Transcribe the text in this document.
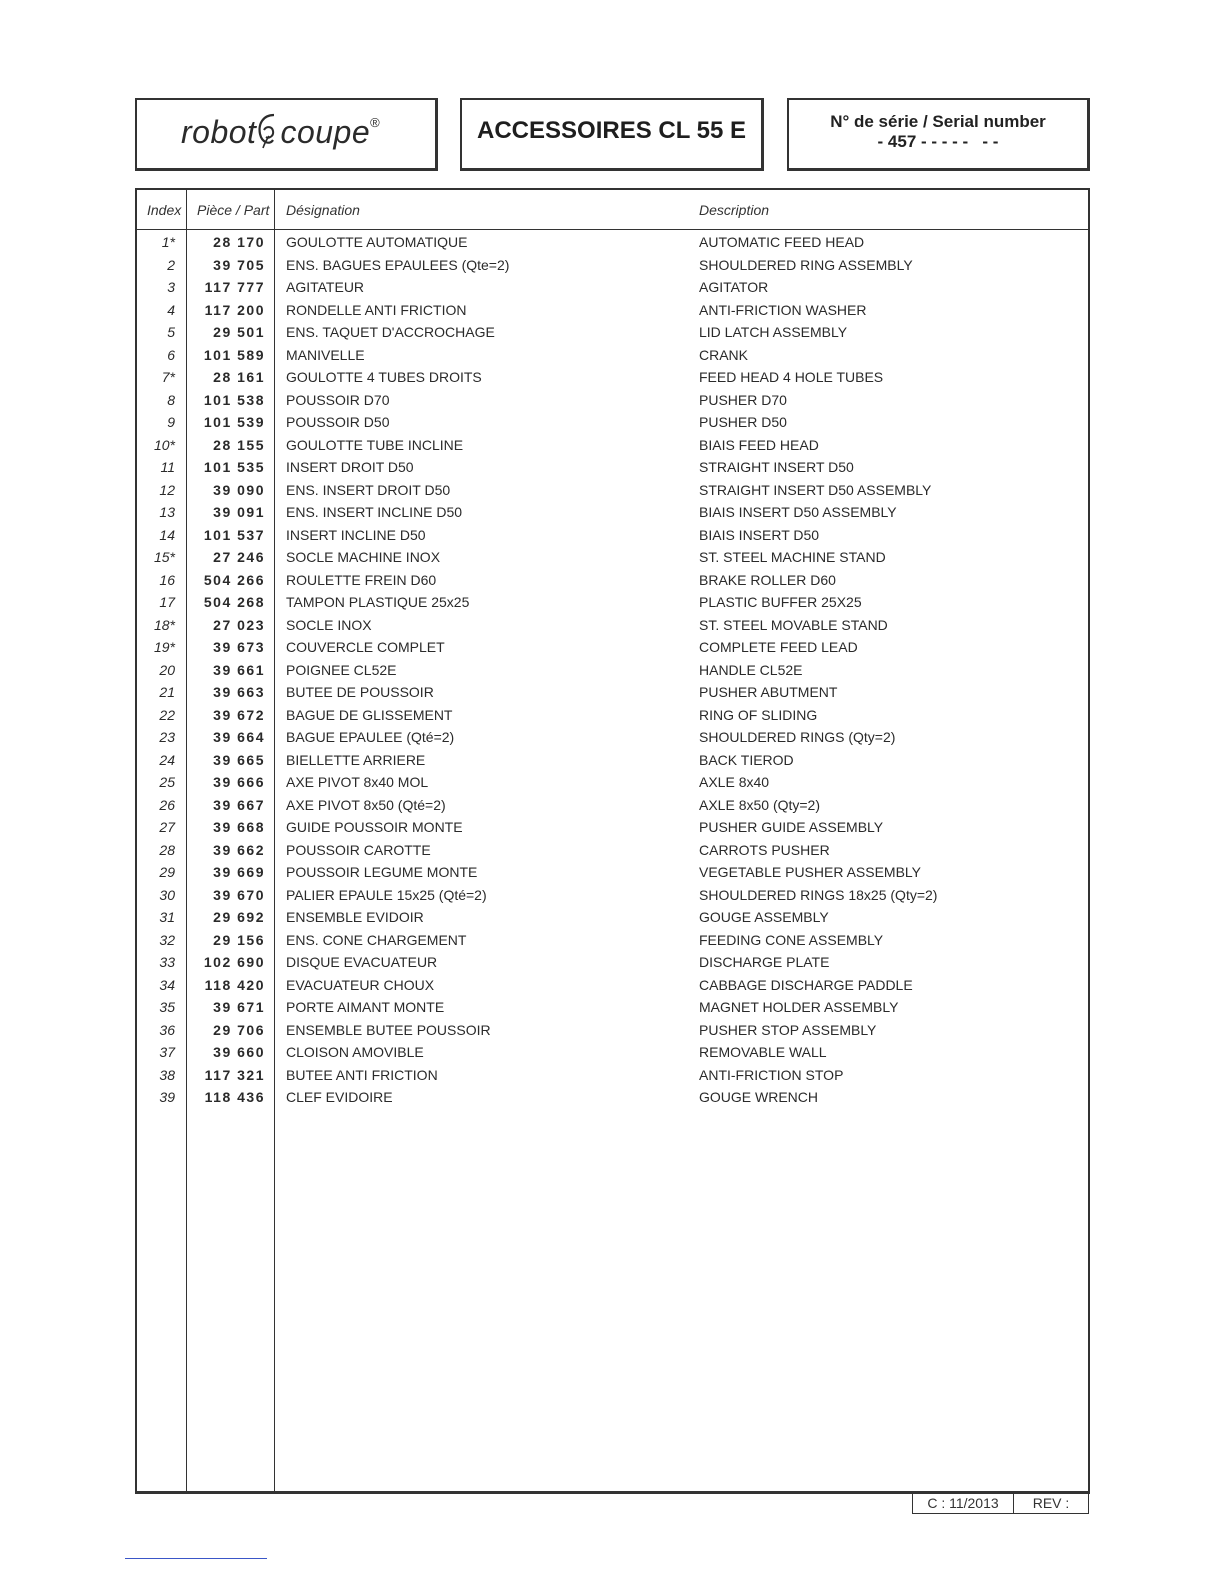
robot coupe®	ACCESSOIRES CL 55 E	N° de série / Serial number
- 457 - - - - -   - -
Index Pièce / Part Désignation	Description
1*	28 170 GOULOTTE AUTOMATIQUE	AUTOMATIC FEED HEAD
2	39 705 ENS. BAGUES EPAULEES (Qte=2)	SHOULDERED RING ASSEMBLY
3	117 777 AGITATEUR	AGITATOR
4	117 200 RONDELLE ANTI FRICTION	ANTI-FRICTION WASHER
5	29 501 ENS. TAQUET D'ACCROCHAGE	LID LATCH ASSEMBLY
6	101 589 MANIVELLE	CRANK
7*	28 161 GOULOTTE 4 TUBES DROITS	FEED HEAD 4 HOLE TUBES
8	101 538 POUSSOIR D70	PUSHER D70
9	101 539 POUSSOIR D50	PUSHER D50
10*	28 155 GOULOTTE TUBE INCLINE	BIAIS FEED HEAD
11	101 535 INSERT DROIT D50	STRAIGHT INSERT D50
12	39 090 ENS. INSERT DROIT D50	STRAIGHT INSERT D50 ASSEMBLY
13	39 091 ENS. INSERT INCLINE D50	BIAIS INSERT D50 ASSEMBLY
14	101 537 INSERT INCLINE D50	BIAIS INSERT D50
15*	27 246 SOCLE MACHINE INOX	ST. STEEL MACHINE STAND
16	504 266 ROULETTE FREIN D60	BRAKE ROLLER D60
17	504 268 TAMPON PLASTIQUE 25x25	PLASTIC BUFFER 25X25
18*	27 023 SOCLE INOX	ST. STEEL MOVABLE STAND
19*	39 673 COUVERCLE COMPLET	COMPLETE FEED LEAD
20	39 661 POIGNEE CL52E	HANDLE CL52E
21	39 663 BUTEE DE POUSSOIR	PUSHER ABUTMENT
22	39 672 BAGUE DE GLISSEMENT	RING OF SLIDING
23	39 664 BAGUE EPAULEE (Qté=2)	SHOULDERED RINGS (Qty=2)
24	39 665 BIELLETTE ARRIERE	BACK TIEROD
25	39 666 AXE PIVOT 8x40 MOL	AXLE 8x40
26	39 667 AXE PIVOT 8x50 (Qté=2)	AXLE 8x50 (Qty=2)
27	39 668 GUIDE POUSSOIR MONTE	PUSHER GUIDE ASSEMBLY
28	39 662 POUSSOIR CAROTTE	CARROTS PUSHER
29	39 669 POUSSOIR LEGUME MONTE	VEGETABLE PUSHER ASSEMBLY
30	39 670 PALIER EPAULE 15x25 (Qté=2)	SHOULDERED RINGS 18x25 (Qty=2)
31	29 692 ENSEMBLE EVIDOIR	GOUGE ASSEMBLY
32	29 156 ENS. CONE CHARGEMENT	FEEDING CONE ASSEMBLY
33	102 690 DISQUE EVACUATEUR	DISCHARGE PLATE
34	118 420 EVACUATEUR CHOUX	CABBAGE DISCHARGE PADDLE
35	39 671 PORTE AIMANT MONTE	MAGNET HOLDER ASSEMBLY
36	29 706 ENSEMBLE BUTEE POUSSOIR	PUSHER STOP ASSEMBLY
37	39 660 CLOISON AMOVIBLE	REMOVABLE WALL
38	117 321 BUTEE ANTI FRICTION	ANTI-FRICTION STOP
39	118 436 CLEF EVIDOIRE	GOUGE WRENCH
C : 11/2013	REV :
